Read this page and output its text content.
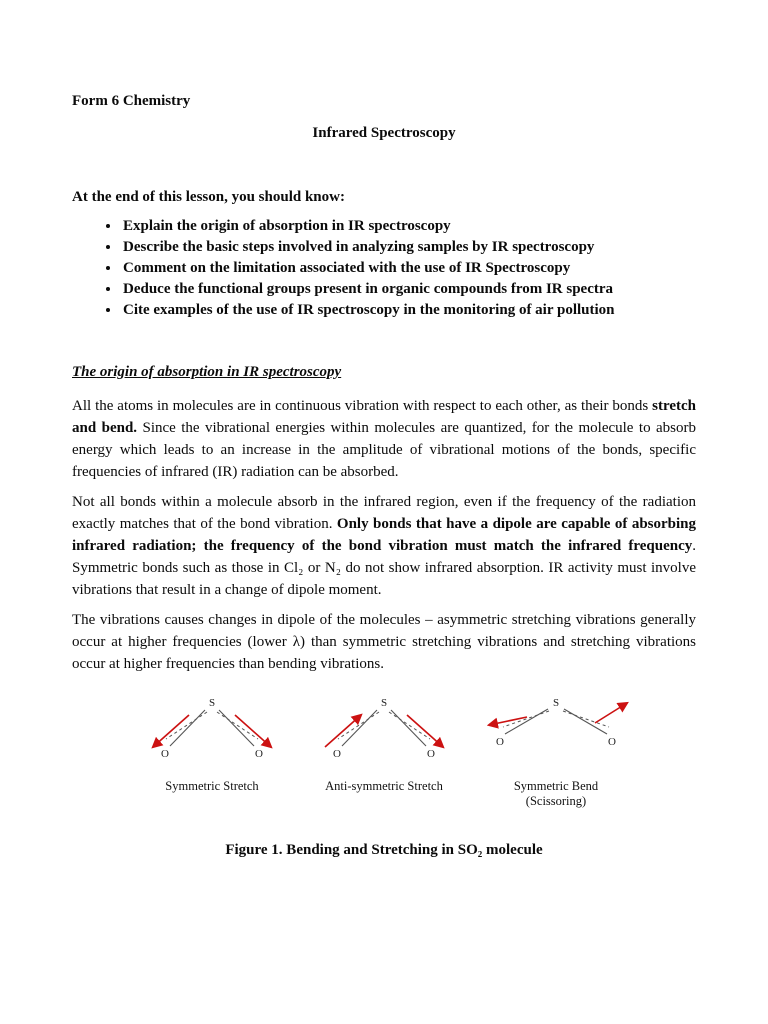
Form 6 Chemistry

Infrared Spectroscopy

At the end of this lesson, you should know:

• Explain the origin of absorption in IR spectroscopy
• Describe the basic steps involved in analyzing samples by IR spectroscopy
• Comment on the limitation associated with the use of IR Spectroscopy
• Deduce the functional groups present in organic compounds from IR spectra
• Cite examples of the use of IR spectroscopy in the monitoring of air pollution
The origin of absorption in IR spectroscopy

All the atoms in molecules are in continuous vibration with respect to each other, as their bonds stretch and bend. Since the vibrational energies within molecules are quantized, for the molecule to absorb energy which leads to an increase in the amplitude of vibrational motions of the bonds, specific frequencies of infrared (IR) radiation can be absorbed.

Not all bonds within a molecule absorb in the infrared region, even if the frequency of the radiation exactly matches that of the bond vibration. Only bonds that have a dipole are capable of absorbing infrared radiation; the frequency of the bond vibration must match the infrared frequency. Symmetric bonds such as those in Cl₂ or N₂ do not show infrared absorption. IR activity must involve vibrations that result in a change of dipole moment.

The vibrations causes changes in dipole of the molecules – asymmetric stretching vibrations generally occur at higher frequencies (lower λ) than symmetric stretching vibrations and stretching vibrations occur at higher frequencies than bending vibrations.

S
O	O
Symmetric Stretch

S
O	O
Anti-symmetric Stretch

S
O	O
Symmetric Bend
(Scissoring)

Figure 1. Bending and Stretching in SO₂ molecule
